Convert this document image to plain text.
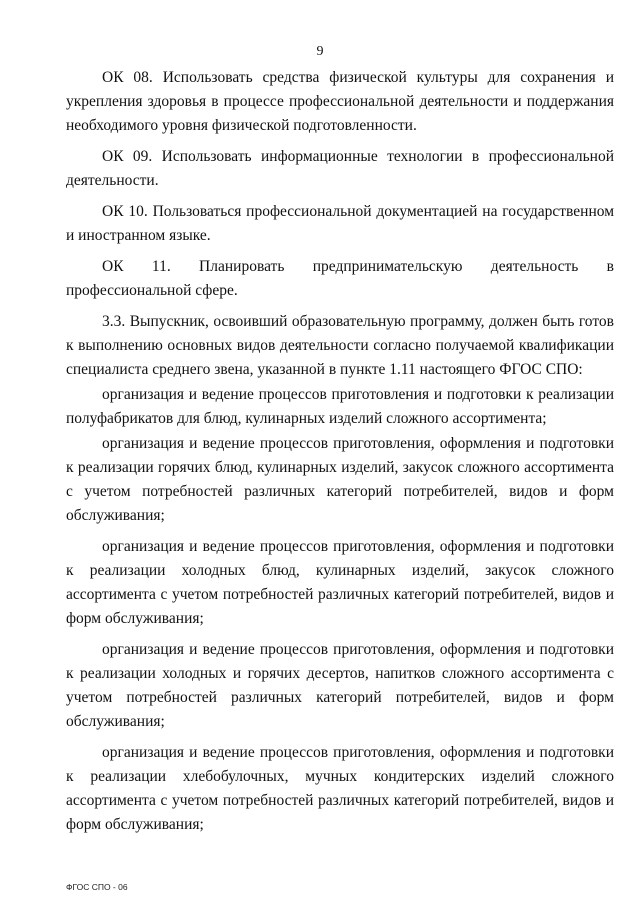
9

ОК 08. Использовать средства физической культуры для сохранения и укрепления здоровья в процессе профессиональной деятельности и поддержания необходимого уровня физической подготовленности.

ОК 09. Использовать информационные технологии в профессиональной деятельности.

ОК 10. Пользоваться профессиональной документацией на государственном и иностранном языке.

ОК 11. Планировать предпринимательскую деятельность в профессиональной сфере.

3.3. Выпускник, освоивший образовательную программу, должен быть готов к выполнению основных видов деятельности согласно получаемой квалификации специалиста среднего звена, указанной в пункте 1.11 настоящего ФГОС СПО:

организация и ведение процессов приготовления и подготовки к реализации полуфабрикатов для блюд, кулинарных изделий сложного ассортимента;

организация и ведение процессов приготовления, оформления и подготовки к реализации горячих блюд, кулинарных изделий, закусок сложного ассортимента с учетом потребностей различных категорий потребителей, видов и форм обслуживания;

организация и ведение процессов приготовления, оформления и подготовки к реализации холодных блюд, кулинарных изделий, закусок сложного ассортимента с учетом потребностей различных категорий потребителей, видов и форм обслуживания;

организация и ведение процессов приготовления, оформления и подготовки к реализации холодных и горячих десертов, напитков сложного ассортимента с учетом потребностей различных категорий потребителей, видов и форм обслуживания;

организация и ведение процессов приготовления, оформления и подготовки к реализации хлебобулочных, мучных кондитерских изделий сложного ассортимента с учетом потребностей различных категорий потребителей, видов и форм обслуживания;

ФГОС СПО - 06
